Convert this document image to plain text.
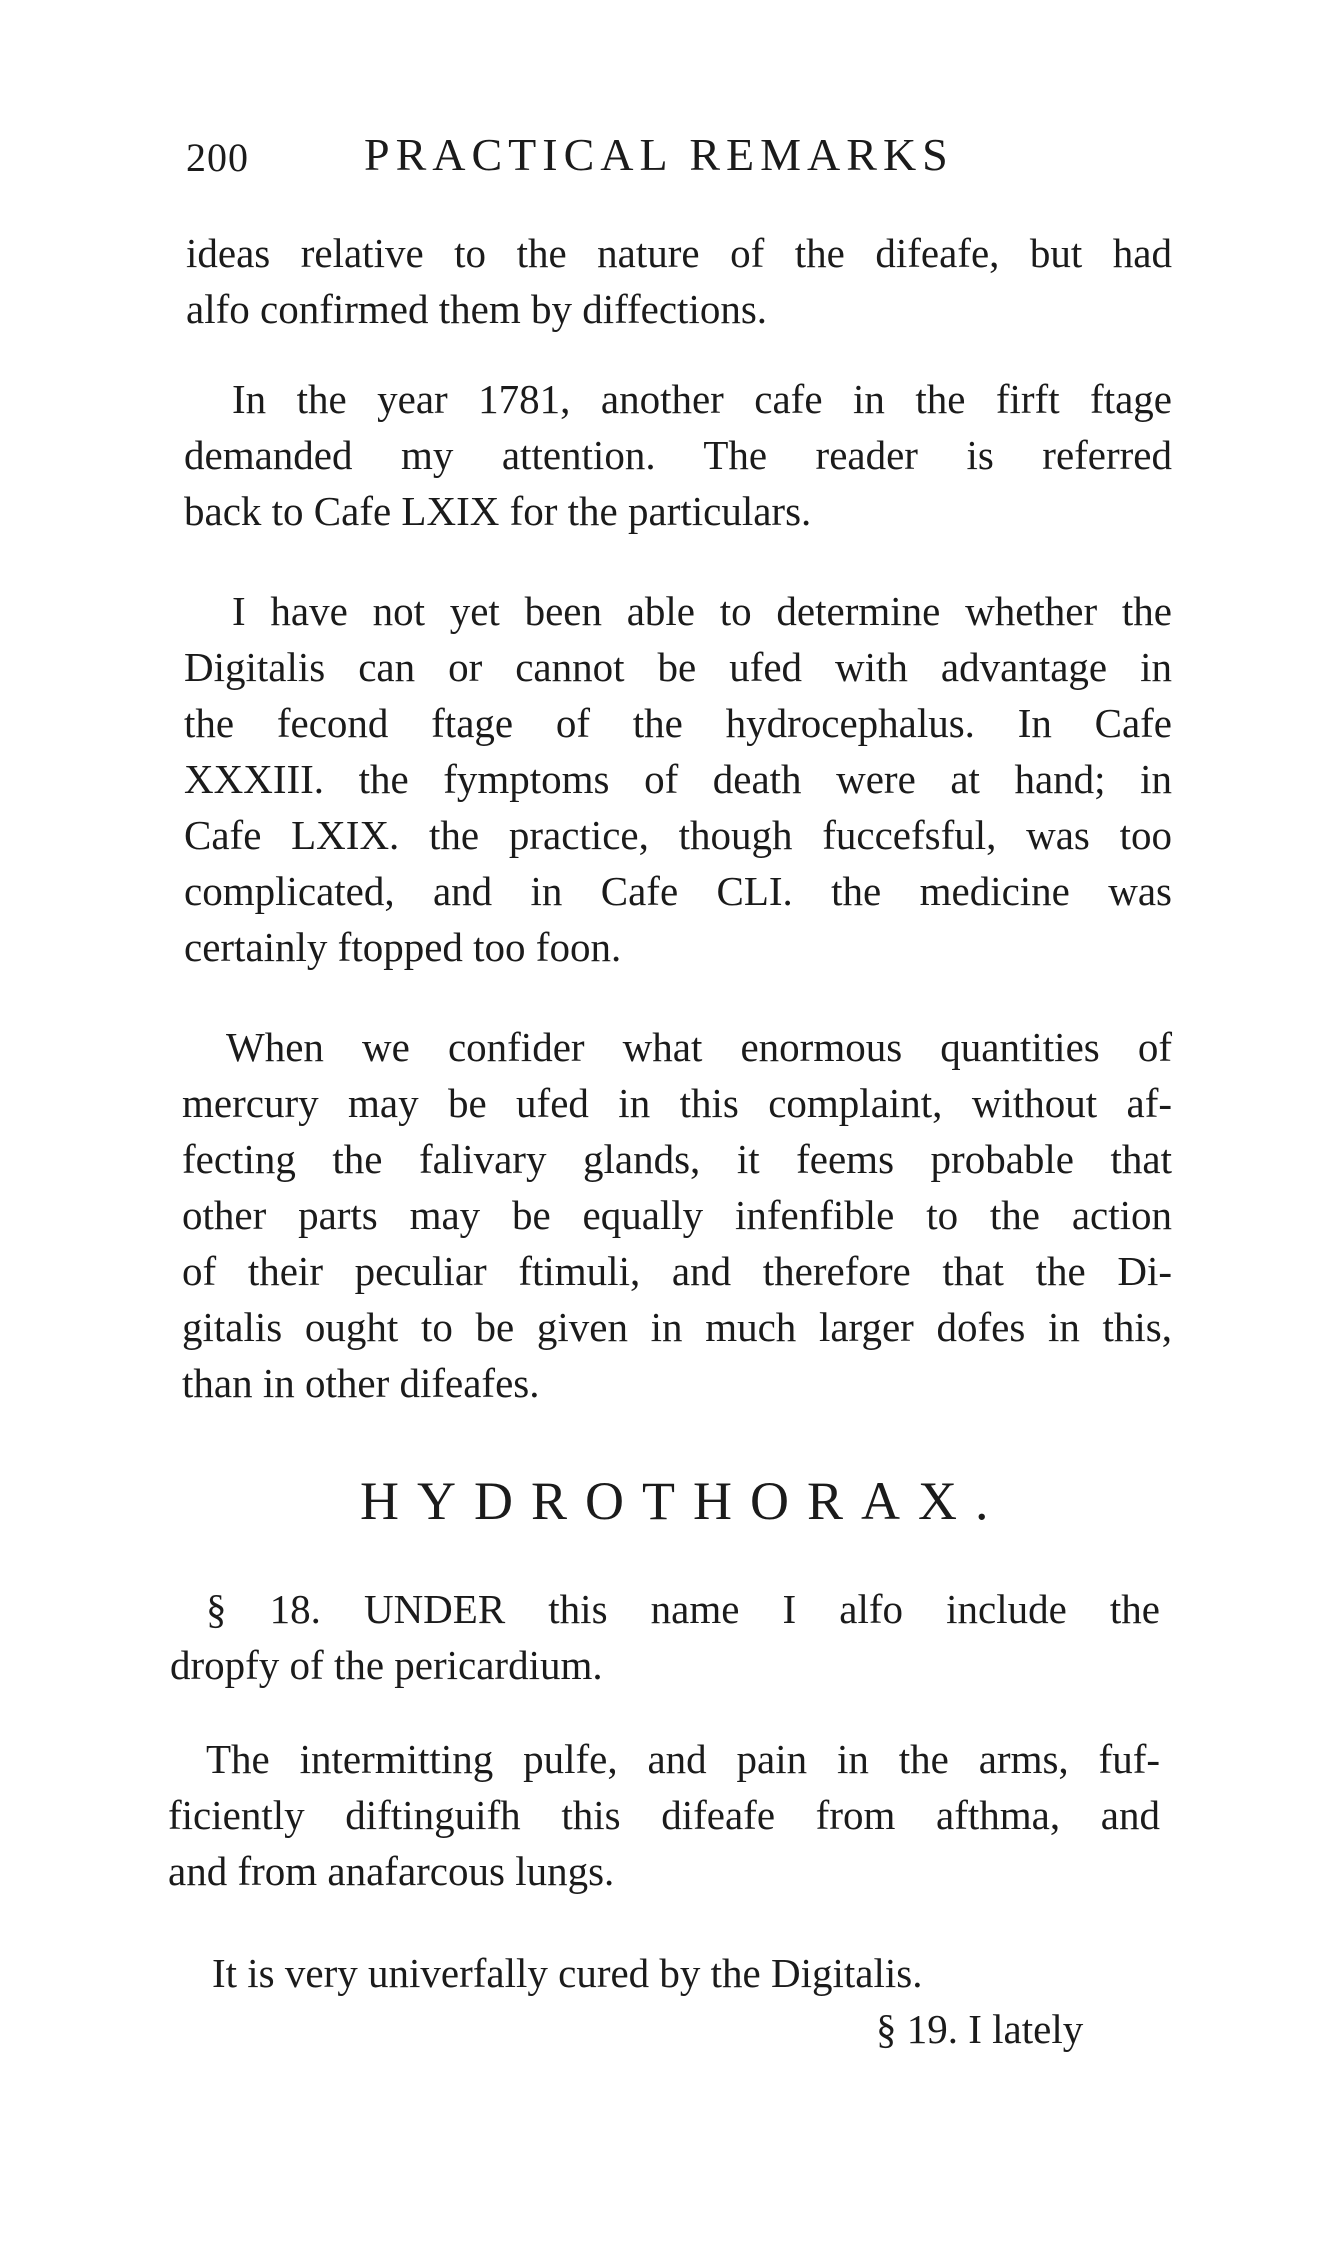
200	PRACTICAL REMARKS
ideas relative to the nature of the difeafe, but had
alfo confirmed them by diffections.
In the year 1781, another cafe in the firft ftage
demanded my attention. The reader is referred
back to Cafe LXIX for the particulars.
I have not yet been able to determine whether the
Digitalis can or cannot be ufed with advantage in
the fecond ftage of the hydrocephalus. In Cafe
XXXIII. the fymptoms of death were at hand; in
Cafe LXIX. the practice, though fuccefsful, was too
complicated, and in Cafe CLI. the medicine was
certainly ftopped too foon.
When we confider what enormous quantities of
mercury may be ufed in this complaint, without af-
fecting the falivary glands, it feems probable that
other parts may be equally infenfible to the action
of their peculiar ftimuli, and therefore that the Di-
gitalis ought to be given in much larger dofes in this,
than in other difeafes.
HYDROTHORAX.
§ 18. UNDER this name I alfo include the
dropfy of the pericardium.
The intermitting pulfe, and pain in the arms, fuf-
ficiently diftinguifh this difeafe from afthma, and
and from anafarcous lungs.
It is very univerfally cured by the Digitalis.
§ 19. I lately
